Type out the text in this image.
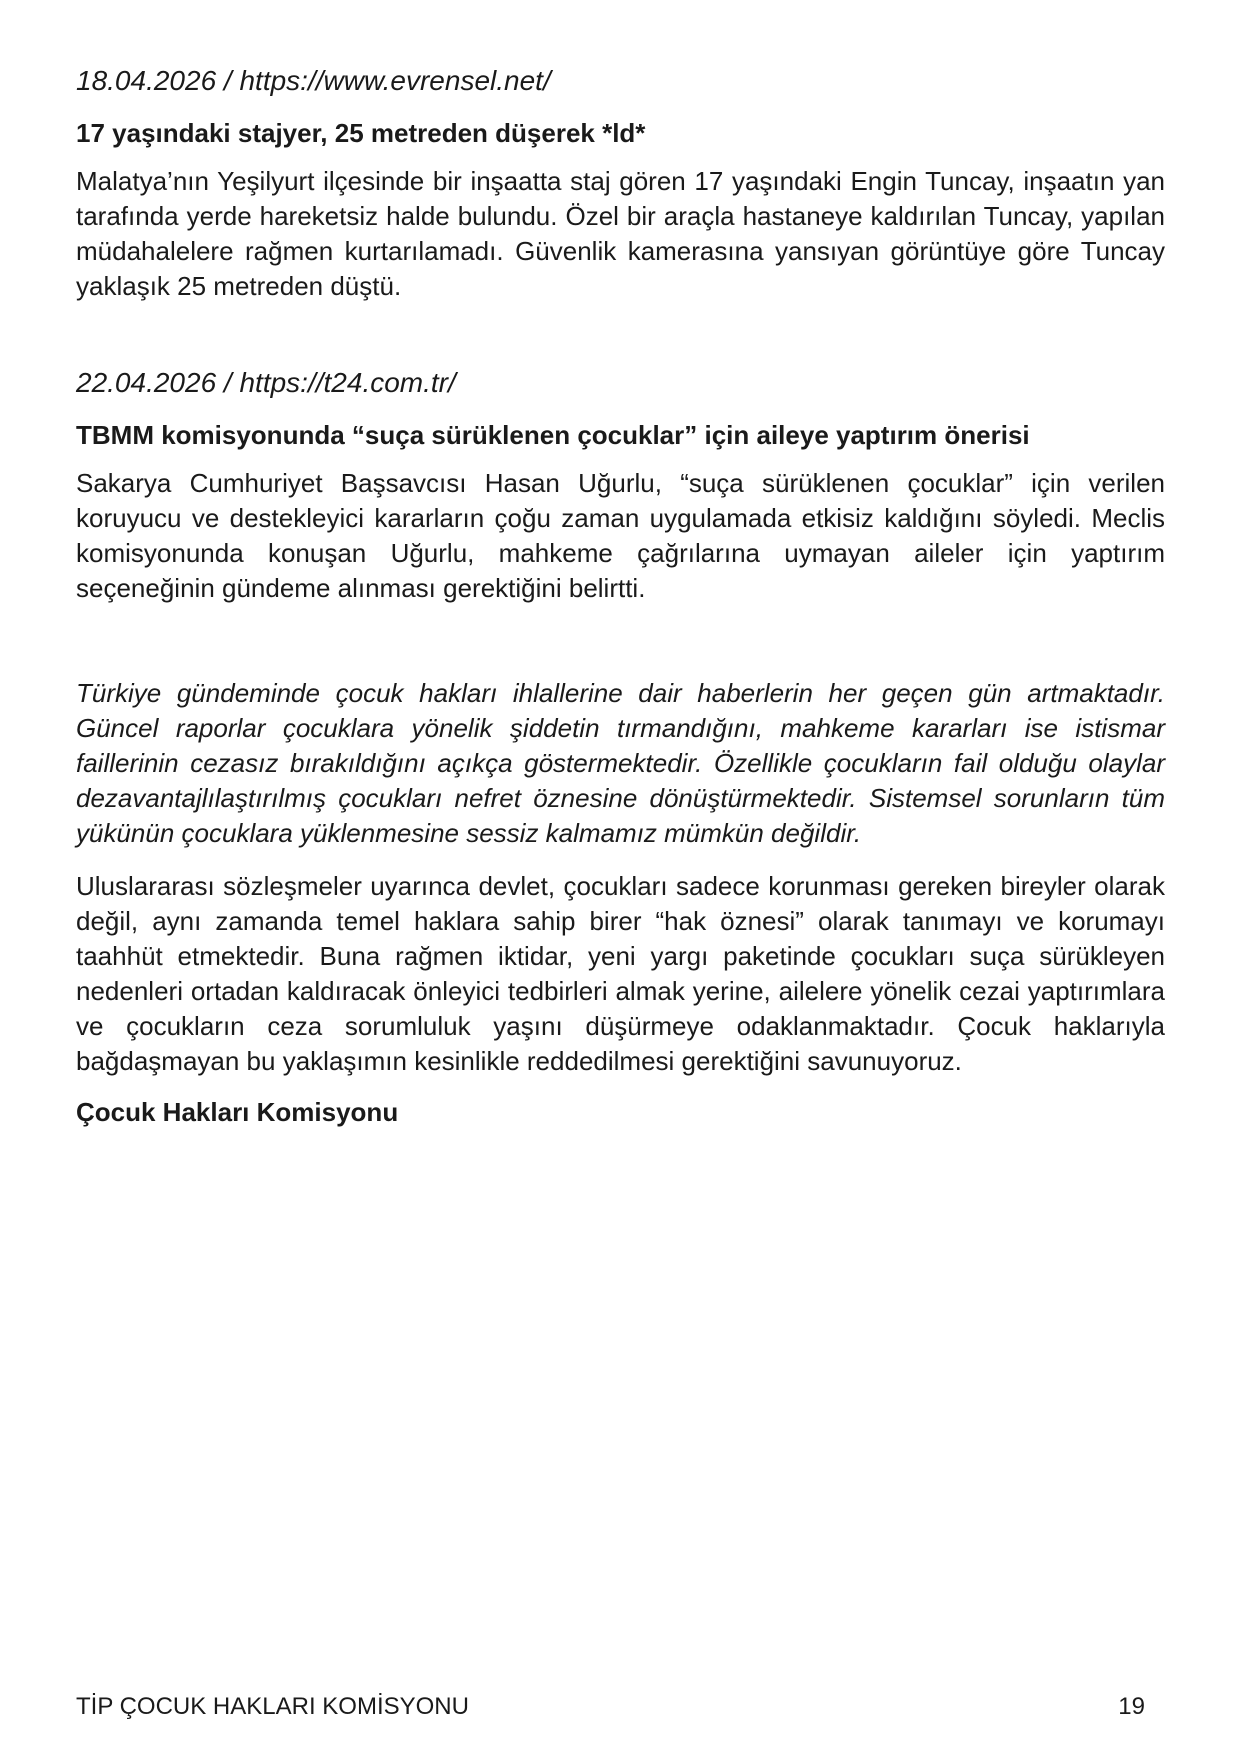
18.04.2026 / https://www.evrensel.net/

17 yaşındaki stajyer, 25 metreden düşerek *ld*

Malatya’nın Yeşilyurt ilçesinde bir inşaatta staj gören 17 yaşındaki Engin Tuncay, inşaatın yan tarafında yerde hareketsiz halde bulundu. Özel bir araçla hastaneye kaldırılan Tuncay, yapılan müdahalelere rağmen kurtarılamadı. Güvenlik kamerasına yansıyan görüntüye göre Tuncay yaklaşık 25 metreden düştü.

22.04.2026 / https://t24.com.tr/

TBMM komisyonunda “suça sürüklenen çocuklar” için aileye yaptırım önerisi

Sakarya Cumhuriyet Başsavcısı Hasan Uğurlu, “suça sürüklenen çocuklar” için verilen koruyucu ve destekleyici kararların çoğu zaman uygulamada etkisiz kaldığını söyledi. Meclis komisyonunda konuşan Uğurlu, mahkeme çağrılarına uymayan aileler için yaptırım seçeneğinin gündeme alınması gerektiğini belirtti.

Türkiye gündeminde çocuk hakları ihlallerine dair haberlerin her geçen gün artmaktadır. Güncel raporlar çocuklara yönelik şiddetin tırmandığını, mahkeme kararları ise istismar faillerinin cezasız bırakıldığını açıkça göstermektedir. Özellikle çocukların fail olduğu olaylar dezavantajlılaştırılmış çocukları nefret öznesine dönüştürmektedir. Sistemsel sorunların tüm yükünün çocuklara yüklenmesine sessiz kalmamız mümkün değildir.

Uluslararası sözleşmeler uyarınca devlet, çocukları sadece korunması gereken bireyler olarak değil, aynı zamanda temel haklara sahip birer “hak öznesi” olarak tanımayı ve korumayı taahhüt etmektedir. Buna rağmen iktidar, yeni yargı paketinde çocukları suça sürükleyen nedenleri ortadan kaldıracak önleyici tedbirleri almak yerine, ailelere yönelik cezai yaptırımlara ve çocukların ceza sorumluluk yaşını düşürmeye odaklanmaktadır. Çocuk haklarıyla bağdaşmayan bu yaklaşımın kesinlikle reddedilmesi gerektiğini savunuyoruz.

Çocuk Hakları Komisyonu

TİP ÇOCUK HAKLARI KOMİSYONU	19
